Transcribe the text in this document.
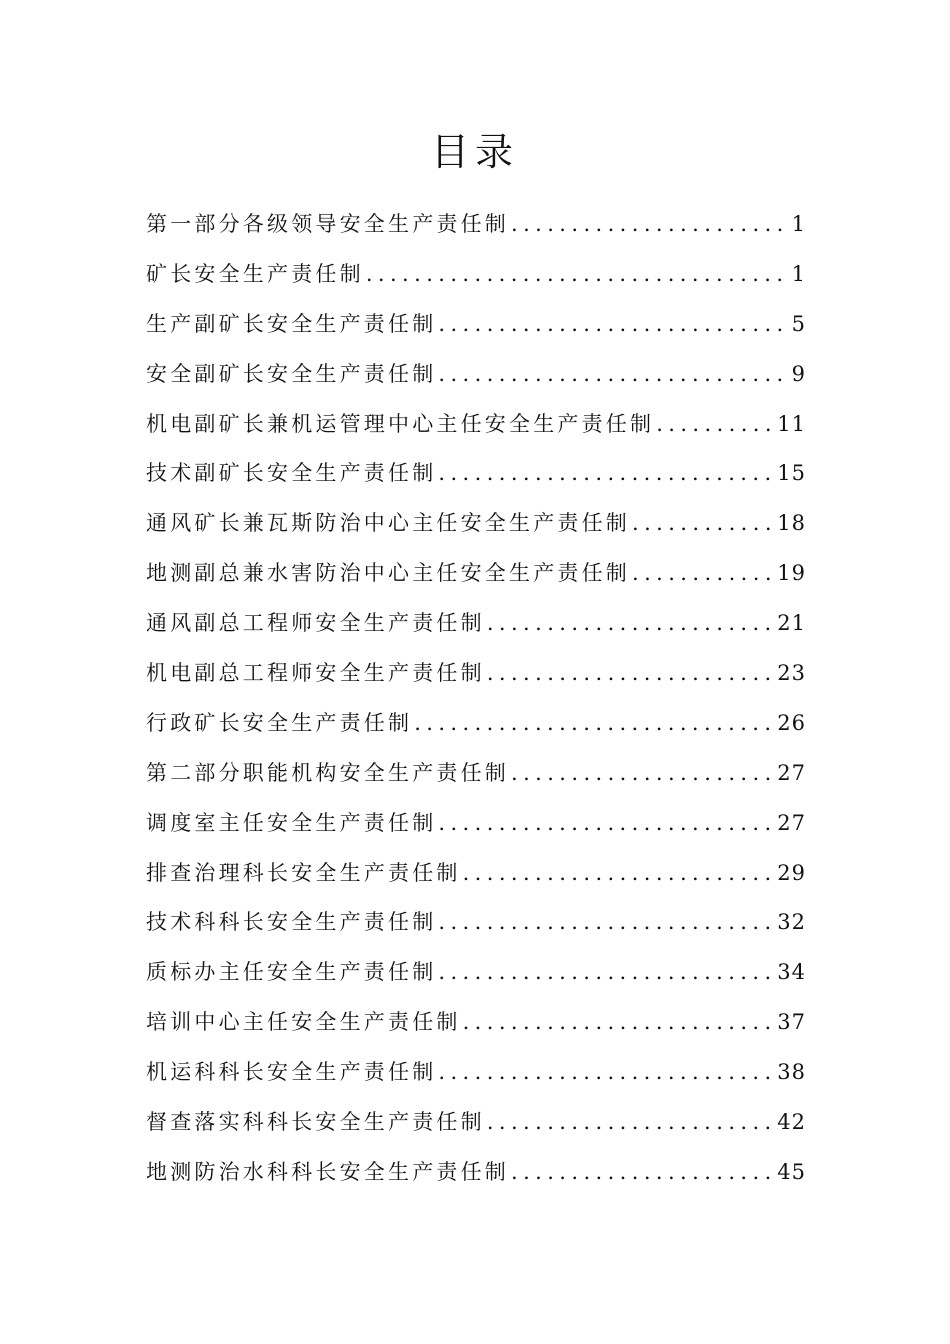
目录
第一部分各级领导安全生产责任制 .....	1
矿长安全生产责任制 .....	1
生产副矿长安全生产责任制 .....	5
安全副矿长安全生产责任制 .....	9
机电副矿长兼机运管理中心主任安全生产责任制 .....	11
技术副矿长安全生产责任制 .....	15
通风矿长兼瓦斯防治中心主任安全生产责任制 .....	18
地测副总兼水害防治中心主任安全生产责任制 .....	19
通风副总工程师安全生产责任制 .....	21
机电副总工程师安全生产责任制 .....	23
行政矿长安全生产责任制 .....	26
第二部分职能机构安全生产责任制 .....	27
调度室主任安全生产责任制 .....	27
排查治理科长安全生产责任制 .....	29
技术科科长安全生产责任制 .....	32
质标办主任安全生产责任制 .....	34
培训中心主任安全生产责任制 .....	37
机运科科长安全生产责任制 .....	38
督查落实科科长安全生产责任制 .....	42
地测防治水科科长安全生产责任制 .....	45
